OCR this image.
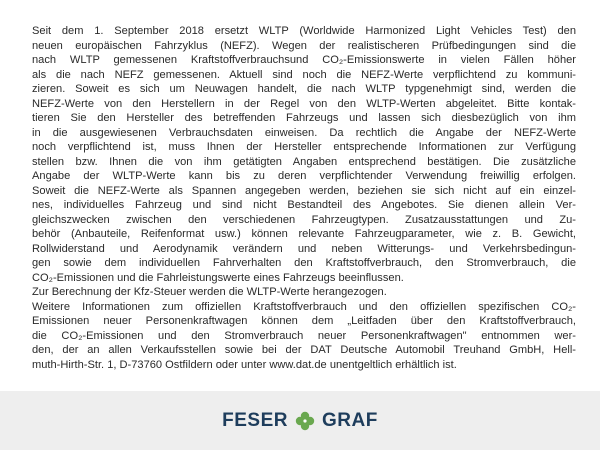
Seit dem 1. September 2018 ersetzt WLTP (Worldwide Harmonized Light Vehicles Test) den
neuen europäischen Fahrzyklus (NEFZ). Wegen der realistischeren Prüfbedingungen sind die
nach WLTP gemessenen Kraftstoffverbrauchsund CO₂-Emissionswerte in vielen Fällen höher
als die nach NEFZ gemessenen. Aktuell sind noch die NEFZ-Werte verpflichtend zu kommuni-
zieren. Soweit es sich um Neuwagen handelt, die nach WLTP typgenehmigt sind, werden die
NEFZ-Werte von den Herstellern in der Regel von den WLTP-Werten abgeleitet. Bitte kontak-
tieren Sie den Hersteller des betreffenden Fahrzeugs und lassen sich diesbezüglich von ihm
in die ausgewiesenen Verbrauchsdaten einweisen. Da rechtlich die Angabe der NEFZ-Werte
noch verpflichtend ist, muss Ihnen der Hersteller entsprechende Informationen zur Verfügung
stellen bzw. Ihnen die von ihm getätigten Angaben entsprechend bestätigen. Die zusätzliche
Angabe der WLTP-Werte kann bis zu deren verpflichtender Verwendung freiwillig erfolgen.
Soweit die NEFZ-Werte als Spannen angegeben werden, beziehen sie sich nicht auf ein einzel-
nes, individuelles Fahrzeug und sind nicht Bestandteil des Angebotes. Sie dienen allein Ver-
gleichszwecken zwischen den verschiedenen Fahrzeugtypen. Zusatzausstattungen und Zu-
behör (Anbauteile, Reifenformat usw.) können relevante Fahrzeugparameter, wie z. B. Gewicht,
Rollwiderstand und Aerodynamik verändern und neben Witterungs- und Verkehrsbedingun-
gen sowie dem individuellen Fahrverhalten den Kraftstoffverbrauch, den Stromverbrauch, die
CO₂-Emissionen und die Fahrleistungswerte eines Fahrzeugs beeinflussen.
Zur Berechnung der Kfz-Steuer werden die WLTP-Werte herangezogen.
Weitere Informationen zum offiziellen Kraftstoffverbrauch und den offiziellen spezifischen CO₂-
Emissionen neuer Personenkraftwagen können dem „Leitfaden über den Kraftstoffverbrauch,
die CO₂-Emissionen und den Stromverbrauch neuer Personenkraftwagen" entnommen wer-
den, der an allen Verkaufsstellen sowie bei der DAT Deutsche Automobil Treuhand GmbH, Hell-
muth-Hirth-Str. 1, D-73760 Ostfildern oder unter www.dat.de unentgeltlich erhältlich ist.
FESER GRAF
